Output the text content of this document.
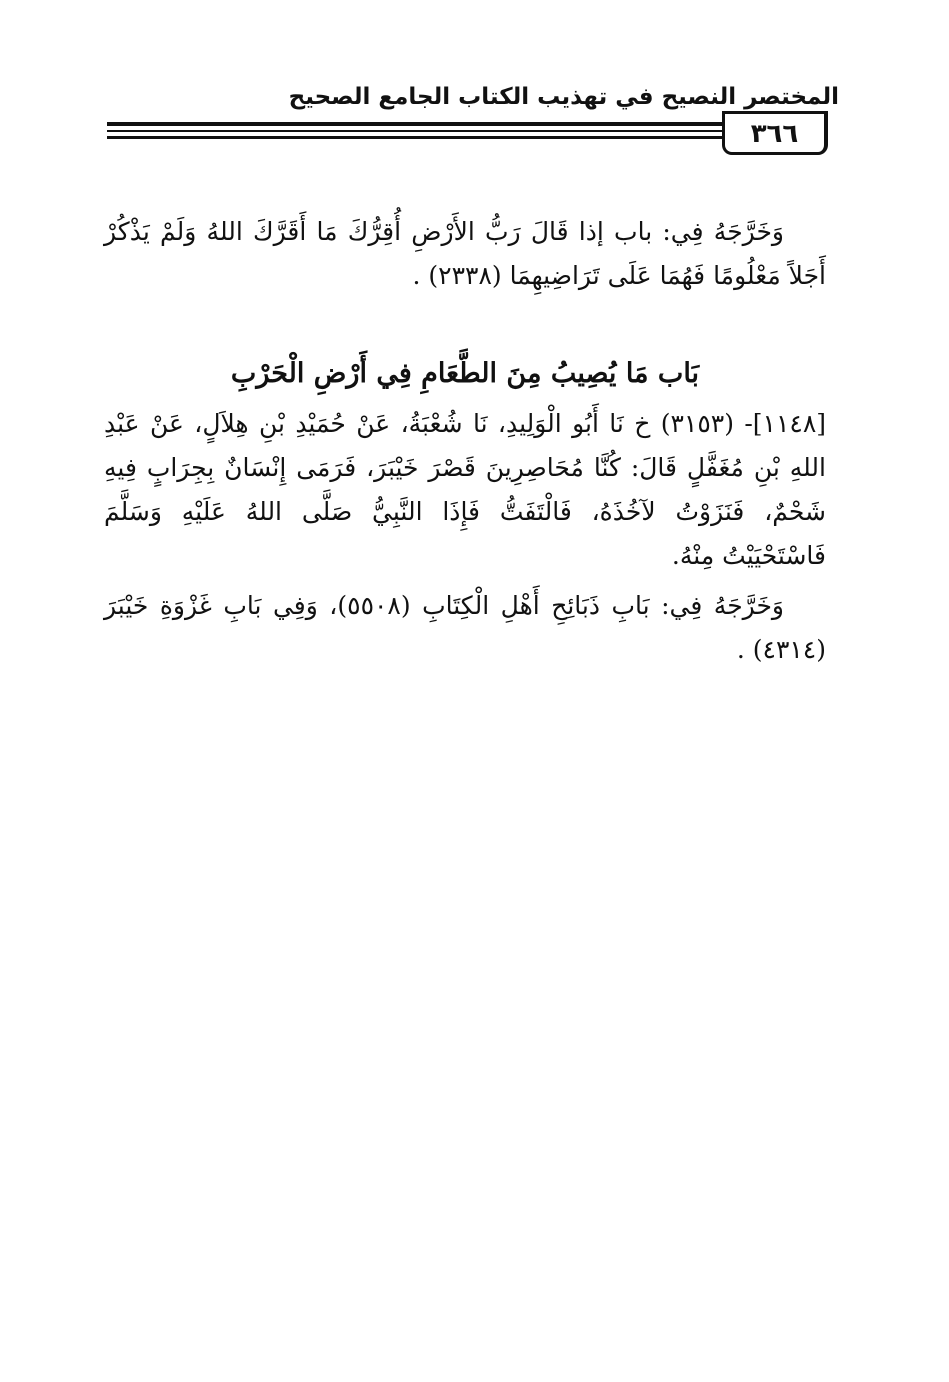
المختصر النصيح في تهذيب الكتاب الجامع الصحيح
٣٦٦

وَخَرَّجَهُ فِي: باب إذا قَالَ رَبُّ الأَرْضِ أُقِرُّكَ مَا أَقَرَّكَ اللهُ وَلَمْ يَذْكُرْ أَجَلاً مَعْلُومًا فَهُمَا عَلَى تَرَاضِيهِمَا (٢٣٣٨) .

بَاب مَا يُصِيبُ مِنَ الطَّعَامِ فِي أَرْضِ الْحَرْبِ

[١١٤٨]- (٣١٥٣) خ نَا أَبُو الْوَلِيدِ، نَا شُعْبَةُ، عَنْ حُمَيْدِ بْنِ هِلاَلٍ، عَنْ عَبْدِ اللهِ بْنِ مُغَفَّلٍ قَالَ: كُنَّا مُحَاصِرِينَ قَصْرَ خَيْبَرَ، فَرَمَى إِنْسَانٌ بِجِرَابٍ فِيهِ شَحْمٌ، فَنَزَوْتُ لآخُذَهُ، فَالْتَفَتُّ فَإِذَا النَّبِيُّ صَلَّى اللهُ عَلَيْهِ وَسَلَّمَ فَاسْتَحْيَيْتُ مِنْهُ.

وَخَرَّجَهُ فِي: بَابِ ذَبَائِحِ أَهْلِ الْكِتَابِ (٥٥٠٨)، وَفِي بَابِ غَزْوَةِ خَيْبَرَ (٤٣١٤) .
